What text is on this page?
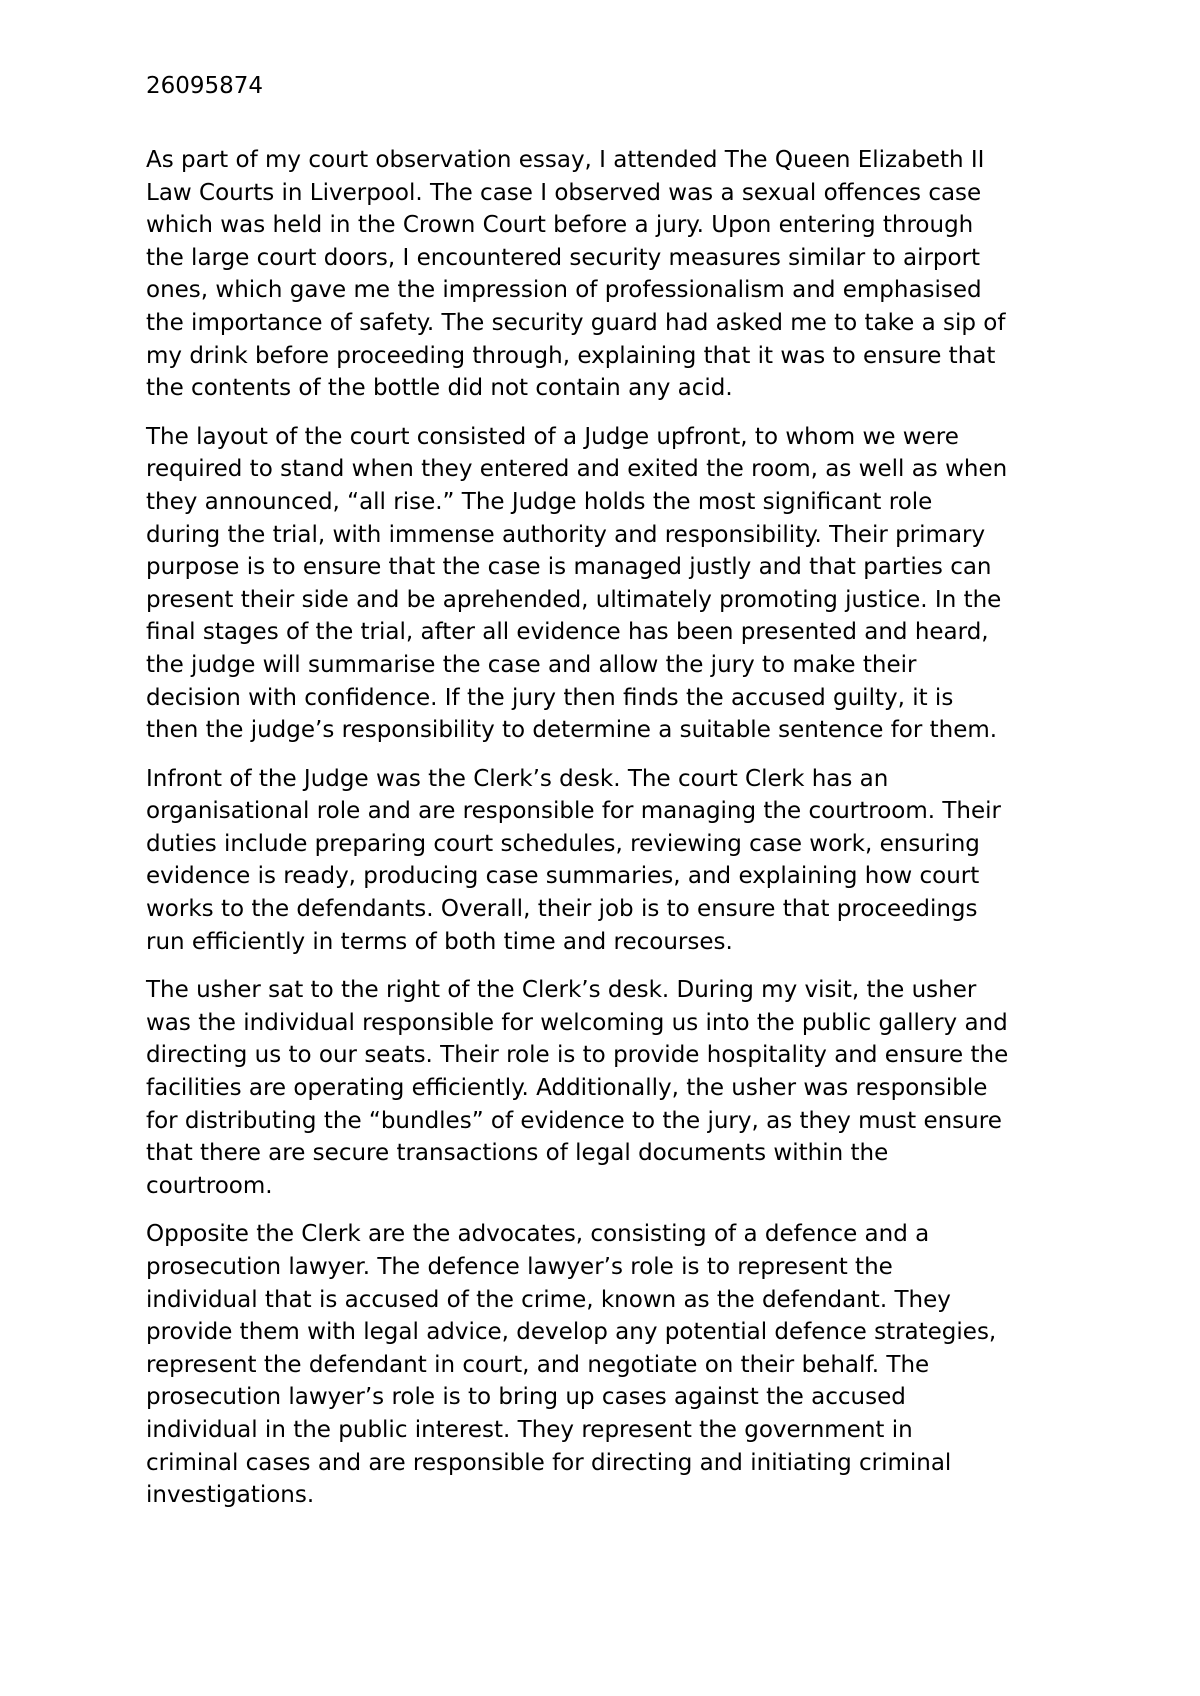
26095874

As part of my court observation essay, I attended The Queen Elizabeth II
Law Courts in Liverpool. The case I observed was a sexual offences case
which was held in the Crown Court before a jury. Upon entering through
the large court doors, I encountered security measures similar to airport
ones, which gave me the impression of professionalism and emphasised
the importance of safety. The security guard had asked me to take a sip of
my drink before proceeding through, explaining that it was to ensure that
the contents of the bottle did not contain any acid.

The layout of the court consisted of a Judge upfront, to whom we were
required to stand when they entered and exited the room, as well as when
they announced, “all rise.” The Judge holds the most significant role
during the trial, with immense authority and responsibility. Their primary
purpose is to ensure that the case is managed justly and that parties can
present their side and be aprehended, ultimately promoting justice. In the
final stages of the trial, after all evidence has been presented and heard,
the judge will summarise the case and allow the jury to make their
decision with confidence. If the jury then finds the accused guilty, it is
then the judge’s responsibility to determine a suitable sentence for them.

Infront of the Judge was the Clerk’s desk. The court Clerk has an
organisational role and are responsible for managing the courtroom. Their
duties include preparing court schedules, reviewing case work, ensuring
evidence is ready, producing case summaries, and explaining how court
works to the defendants. Overall, their job is to ensure that proceedings
run efficiently in terms of both time and recourses.

The usher sat to the right of the Clerk’s desk. During my visit, the usher
was the individual responsible for welcoming us into the public gallery and
directing us to our seats. Their role is to provide hospitality and ensure the
facilities are operating efficiently. Additionally, the usher was responsible
for distributing the “bundles” of evidence to the jury, as they must ensure
that there are secure transactions of legal documents within the
courtroom.

Opposite the Clerk are the advocates, consisting of a defence and a
prosecution lawyer. The defence lawyer’s role is to represent the
individual that is accused of the crime, known as the defendant. They
provide them with legal advice, develop any potential defence strategies,
represent the defendant in court, and negotiate on their behalf. The
prosecution lawyer’s role is to bring up cases against the accused
individual in the public interest. They represent the government in
criminal cases and are responsible for directing and initiating criminal
investigations.
